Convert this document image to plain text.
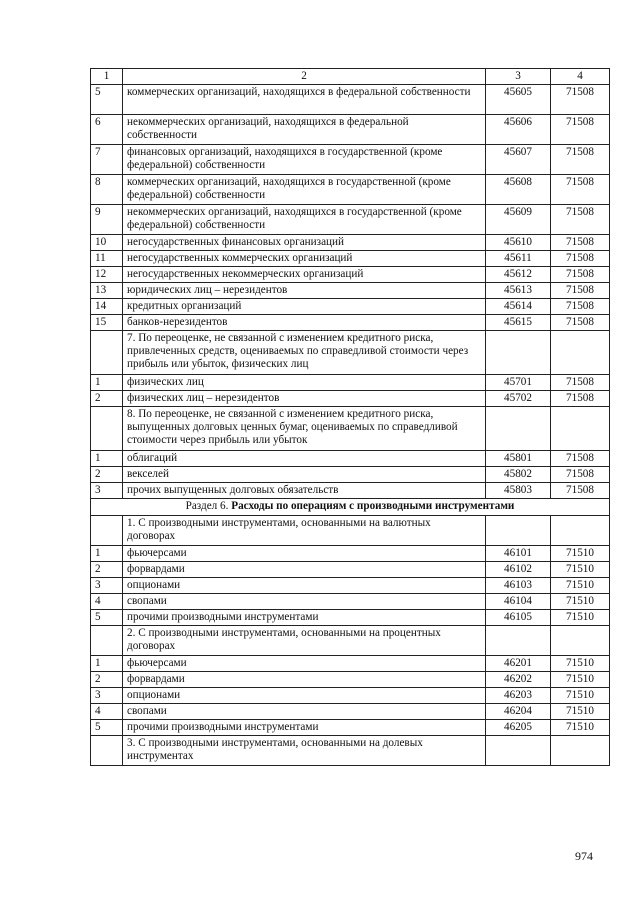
1	2	3	4
5	коммерческих организаций, находящихся в федеральной собственности	45605	71508
6	некоммерческих организаций, находящихся в федеральной собственности	45606	71508
7	финансовых организаций, находящихся в государственной (кроме федеральной) собственности	45607	71508
8	коммерческих организаций, находящихся в государственной (кроме федеральной) собственности	45608	71508
9	некоммерческих организаций, находящихся в государственной (кроме федеральной) собственности	45609	71508
10	негосударственных финансовых организаций	45610	71508
11	негосударственных коммерческих организаций	45611	71508
12	негосударственных некоммерческих организаций	45612	71508
13	юридических лиц – нерезидентов	45613	71508
14	кредитных организаций	45614	71508
15	банков-нерезидентов	45615	71508
	7. По переоценке, не связанной с изменением кредитного риска, привлеченных средств, оцениваемых по справедливой стоимости через прибыль или убыток, физических лиц		
1	физических лиц	45701	71508
2	физических лиц – нерезидентов	45702	71508
	8. По переоценке, не связанной с изменением кредитного риска, выпущенных долговых ценных бумаг, оцениваемых по справедливой стоимости через прибыль или убыток		
1	облигаций	45801	71508
2	векселей	45802	71508
3	прочих выпущенных долговых обязательств	45803	71508
Раздел 6. Расходы по операциям с производными инструментами			
	1. С производными инструментами, основанными на валютных договорах		
1	фьючерсами	46101	71510
2	форвардами	46102	71510
3	опционами	46103	71510
4	свопами	46104	71510
5	прочими производными инструментами	46105	71510
	2. С производными инструментами, основанными на процентных договорах		
1	фьючерсами	46201	71510
2	форвардами	46202	71510
3	опционами	46203	71510
4	свопами	46204	71510
5	прочими производными инструментами	46205	71510
	3. С производными инструментами, основанными на долевых инструментах		
974
